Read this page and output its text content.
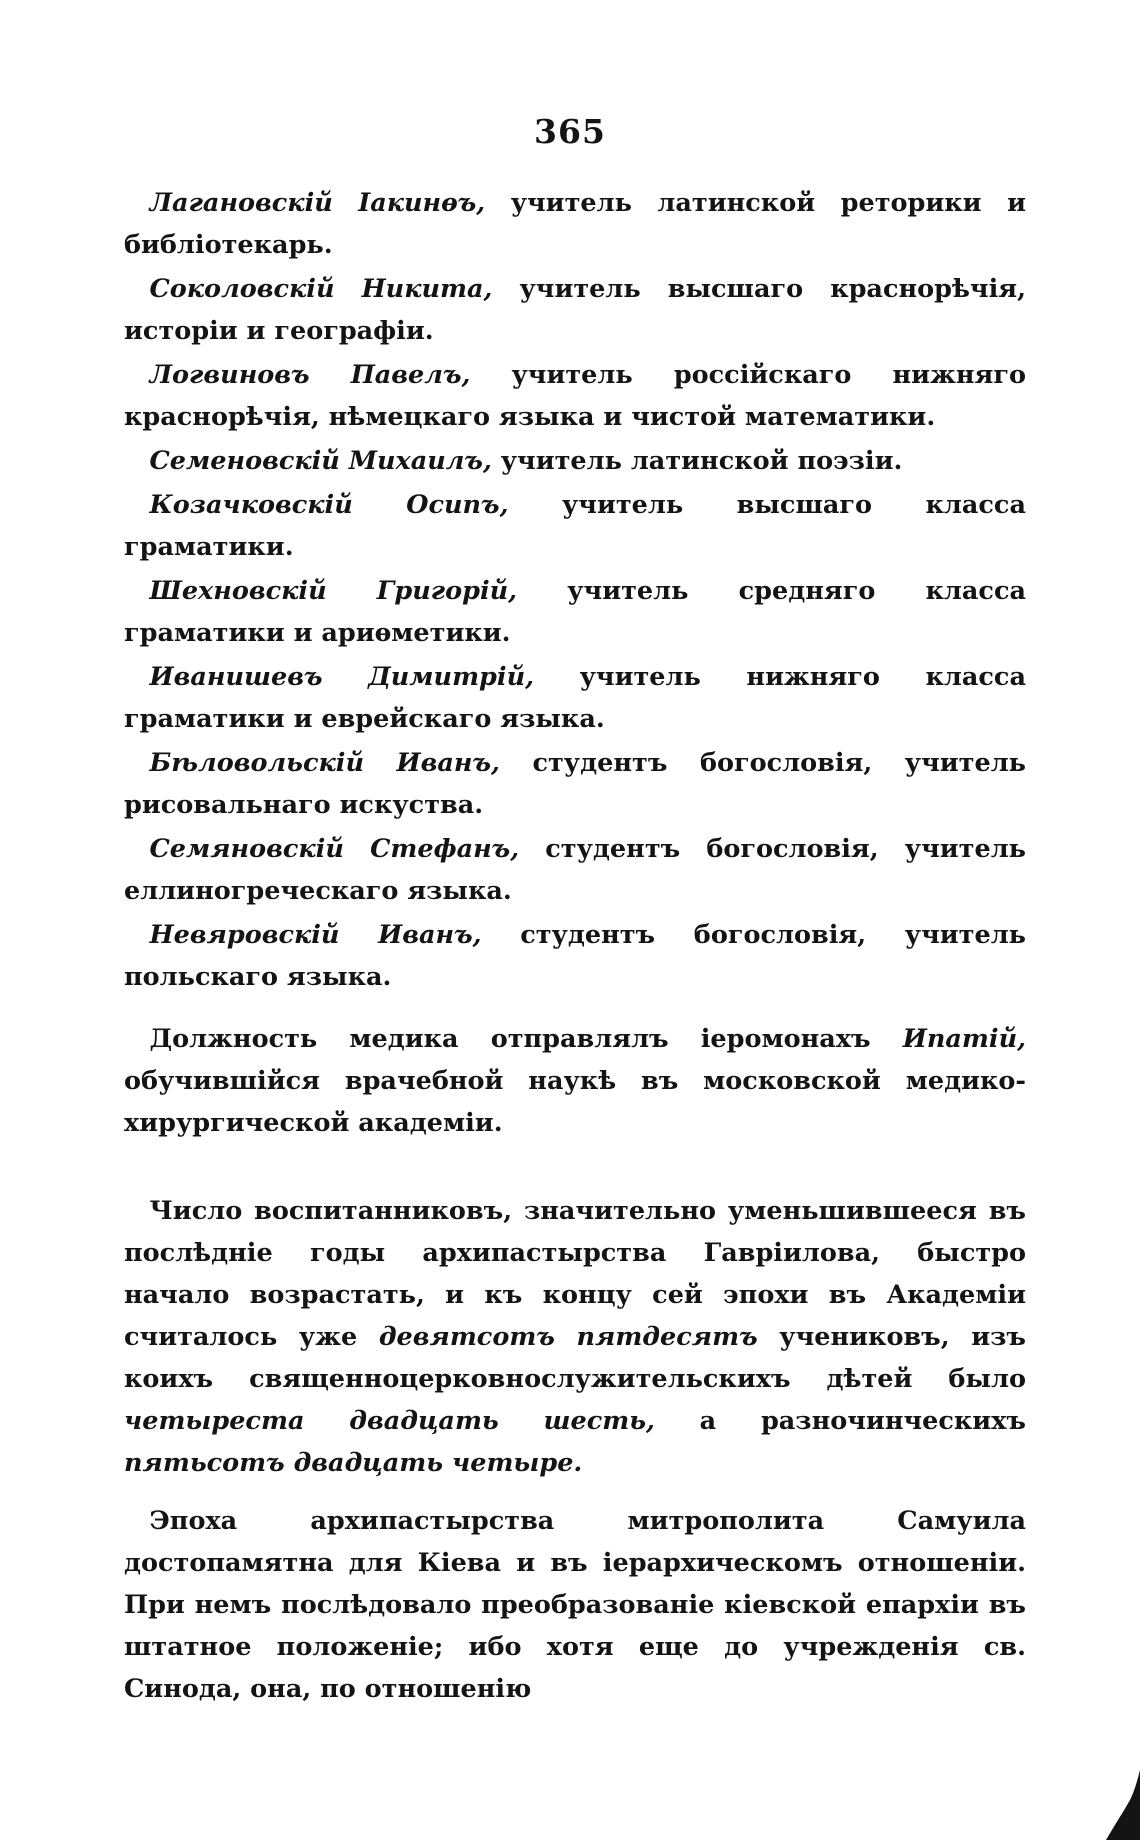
365

 Лагановскій Іакинѳъ, учитель латинской реторики и библіотекарь.

 Соколовскій Никита, учитель высшаго краснорѣчія, исторіи и географіи.

 Логвиновъ Павелъ, учитель россійскаго нижняго краснорѣчія, нѣмецкаго языка и чистой математики.

 Семеновскій Михаилъ, учитель латинской поэзіи.

 Козачковскій Осипъ, учитель высшаго класса граматики.

 Шехновскій Григорій, учитель средняго класса граматики и ариѳметики.

 Иванишевъ Димитрій, учитель нижняго класса граматики и еврейскаго языка.

 Бѣловольскій Иванъ, студентъ богословія, учитель рисовальнаго искуства.

 Семяновскій Стефанъ, студентъ богословія, учитель еллиногреческаго языка.

 Невяровскій Иванъ, студентъ богословія, учитель польскаго языка.

 Должность медика отправлялъ іеромонахъ Ипатій, обучившійся врачебной наукѣ въ московской медико-хирургической академіи.

 Число воспитанниковъ, значительно уменьшившееся въ послѣдніе годы архипастырства Гавріилова, быстро начало возрастать, и къ концу сей эпохи въ Академіи считалось уже девятсотъ пятдесятъ учениковъ, изъ коихъ священноцерковнослужительскихъ дѣтей было четыреста двадцать шесть, а разночинческихъ пятьсотъ двадцать четыре.

 Эпоха архипастырства митрополита Самуила достопамятна для Кіева и въ іерархическомъ отношеніи. При немъ послѣдовало преобразованіе кіевской епархіи въ штатное положеніе; ибо хотя еще до учрежденія св. Синода, она, по отношенію
